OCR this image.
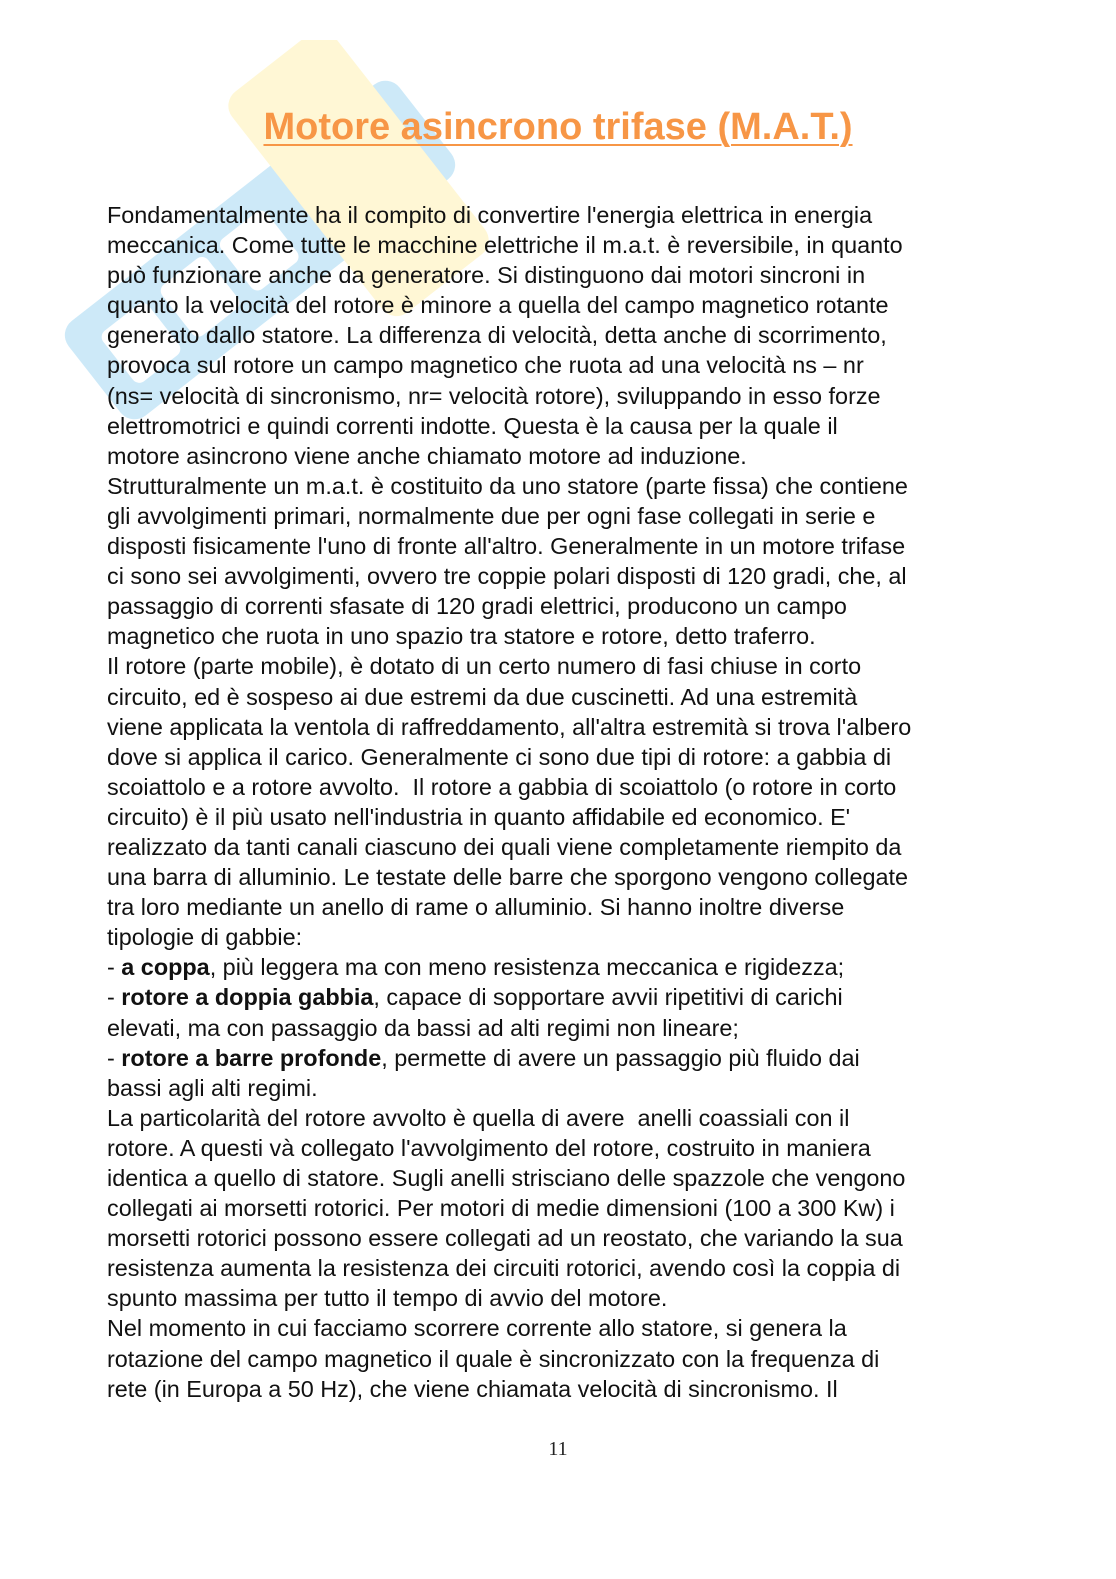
Motore asincrono trifase (M.A.T.)
Fondamentalmente ha il compito di convertire l'energia elettrica in energia
meccanica. Come tutte le macchine elettriche il m.a.t. è reversibile, in quanto
può funzionare anche da generatore. Si distinguono dai motori sincroni in
quanto la velocità del rotore è minore a quella del campo magnetico rotante
generato dallo statore. La differenza di velocità, detta anche di scorrimento,
provoca sul rotore un campo magnetico che ruota ad una velocità ns – nr
(ns= velocità di sincronismo, nr= velocità rotore), sviluppando in esso forze
elettromotrici e quindi correnti indotte. Questa è la causa per la quale il
motore asincrono viene anche chiamato motore ad induzione.
Strutturalmente un m.a.t. è costituito da uno statore (parte fissa) che contiene
gli avvolgimenti primari, normalmente due per ogni fase collegati in serie e
disposti fisicamente l'uno di fronte all'altro. Generalmente in un motore trifase
ci sono sei avvolgimenti, ovvero tre coppie polari disposti di 120 gradi, che, al
passaggio di correnti sfasate di 120 gradi elettrici, producono un campo
magnetico che ruota in uno spazio tra statore e rotore, detto traferro.
Il rotore (parte mobile), è dotato di un certo numero di fasi chiuse in corto
circuito, ed è sospeso ai due estremi da due cuscinetti. Ad una estremità
viene applicata la ventola di raffreddamento, all'altra estremità si trova l'albero
dove si applica il carico. Generalmente ci sono due tipi di rotore: a gabbia di
scoiattolo e a rotore avvolto.  Il rotore a gabbia di scoiattolo (o rotore in corto
circuito) è il più usato nell'industria in quanto affidabile ed economico. E'
realizzato da tanti canali ciascuno dei quali viene completamente riempito da
una barra di alluminio. Le testate delle barre che sporgono vengono collegate
tra loro mediante un anello di rame o alluminio. Si hanno inoltre diverse
tipologie di gabbie:
- a coppa, più leggera ma con meno resistenza meccanica e rigidezza;
- rotore a doppia gabbia, capace di sopportare avvii ripetitivi di carichi
elevati, ma con passaggio da bassi ad alti regimi non lineare;
- rotore a barre profonde, permette di avere un passaggio più fluido dai
bassi agli alti regimi.
La particolarità del rotore avvolto è quella di avere  anelli coassiali con il
rotore. A questi và collegato l'avvolgimento del rotore, costruito in maniera
identica a quello di statore. Sugli anelli strisciano delle spazzole che vengono
collegati ai morsetti rotorici. Per motori di medie dimensioni (100 a 300 Kw) i
morsetti rotorici possono essere collegati ad un reostato, che variando la sua
resistenza aumenta la resistenza dei circuiti rotorici, avendo così la coppia di
spunto massima per tutto il tempo di avvio del motore.
Nel momento in cui facciamo scorrere corrente allo statore, si genera la
rotazione del campo magnetico il quale è sincronizzato con la frequenza di
rete (in Europa a 50 Hz), che viene chiamata velocità di sincronismo. Il
11
